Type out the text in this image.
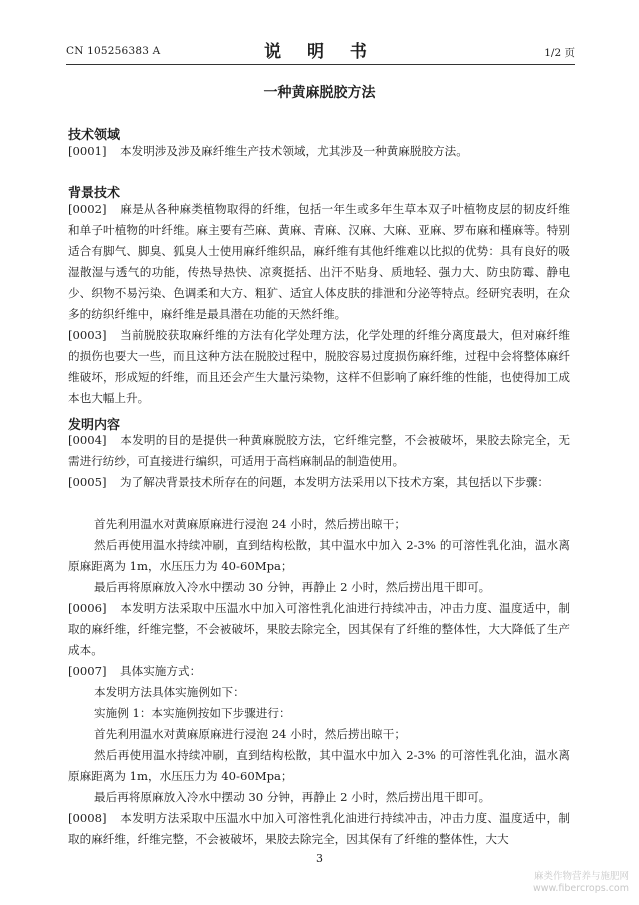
CN 105256383 A	说 明 书	1/2 页
一种黄麻脱胶方法
技术领域
[0001] 本发明涉及涉及麻纤维生产技术领域，尤其涉及一种黄麻脱胶方法。
背景技术
[0002] 麻是从各种麻类植物取得的纤维，包括一年生或多年生草本双子叶植物皮层的韧皮纤维和单子叶植物的叶纤维。麻主要有苎麻、黄麻、青麻、汉麻、大麻、亚麻、罗布麻和槿麻等。特别适合有脚气、脚臭、狐臭人士使用麻纤维织品，麻纤维有其他纤维难以比拟的优势：具有良好的吸湿散湿与透气的功能，传热导热快、凉爽挺括、出汗不贴身、质地轻、强力大、防虫防霉、静电少、织物不易污染、色调柔和大方、粗犷、适宜人体皮肤的排泄和分泌等特点。经研究表明，在众多的纺织纤维中，麻纤维是最具潜在功能的天然纤维。
[0003] 当前脱胶获取麻纤维的方法有化学处理方法，化学处理的纤维分离度最大，但对麻纤维的损伤也要大一些，而且这种方法在脱胶过程中，脱胶容易过度损伤麻纤维，过程中会将整体麻纤维破坏，形成短的纤维，而且还会产生大量污染物，这样不但影响了麻纤维的性能，也使得加工成本也大幅上升。
发明内容
[0004] 本发明的目的是提供一种黄麻脱胶方法，它纤维完整，不会被破坏，果胶去除完全，无需进行纺纱，可直接进行编织，可适用于高档麻制品的制造使用。
[0005] 为了解决背景技术所存在的问题，本发明方法采用以下技术方案，其包括以下步骤：
首先利用温水对黄麻原麻进行浸泡 24 小时，然后捞出晾干；
然后再使用温水持续冲刷，直到结构松散，其中温水中加入 2-3% 的可溶性乳化油，温水离原麻距离为 1m，水压压力为 40-60Mpa；
最后再将原麻放入冷水中摆动 30 分钟，再静止 2 小时，然后捞出甩干即可。
[0006] 本发明方法采取中压温水中加入可溶性乳化油进行持续冲击，冲击力度、温度适中，制取的麻纤维，纤维完整，不会被破坏，果胶去除完全，因其保有了纤维的整体性，大大降低了生产成本。
[0007] 具体实施方式：
本发明方法具体实施例如下：
实施例 1：本实施例按如下步骤进行：
首先利用温水对黄麻原麻进行浸泡 24 小时，然后捞出晾干；
然后再使用温水持续冲刷，直到结构松散，其中温水中加入 2-3% 的可溶性乳化油，温水离原麻距离为 1m，水压压力为 40-60Mpa；
最后再将原麻放入冷水中摆动 30 分钟，再静止 2 小时，然后捞出甩干即可。
[0008] 本发明方法采取中压温水中加入可溶性乳化油进行持续冲击，冲击力度、温度适中，制取的麻纤维，纤维完整，不会被破坏，果胶去除完全，因其保有了纤维的整体性，大大
3
麻类作物营养与施肥网
www.fibercrops.com
